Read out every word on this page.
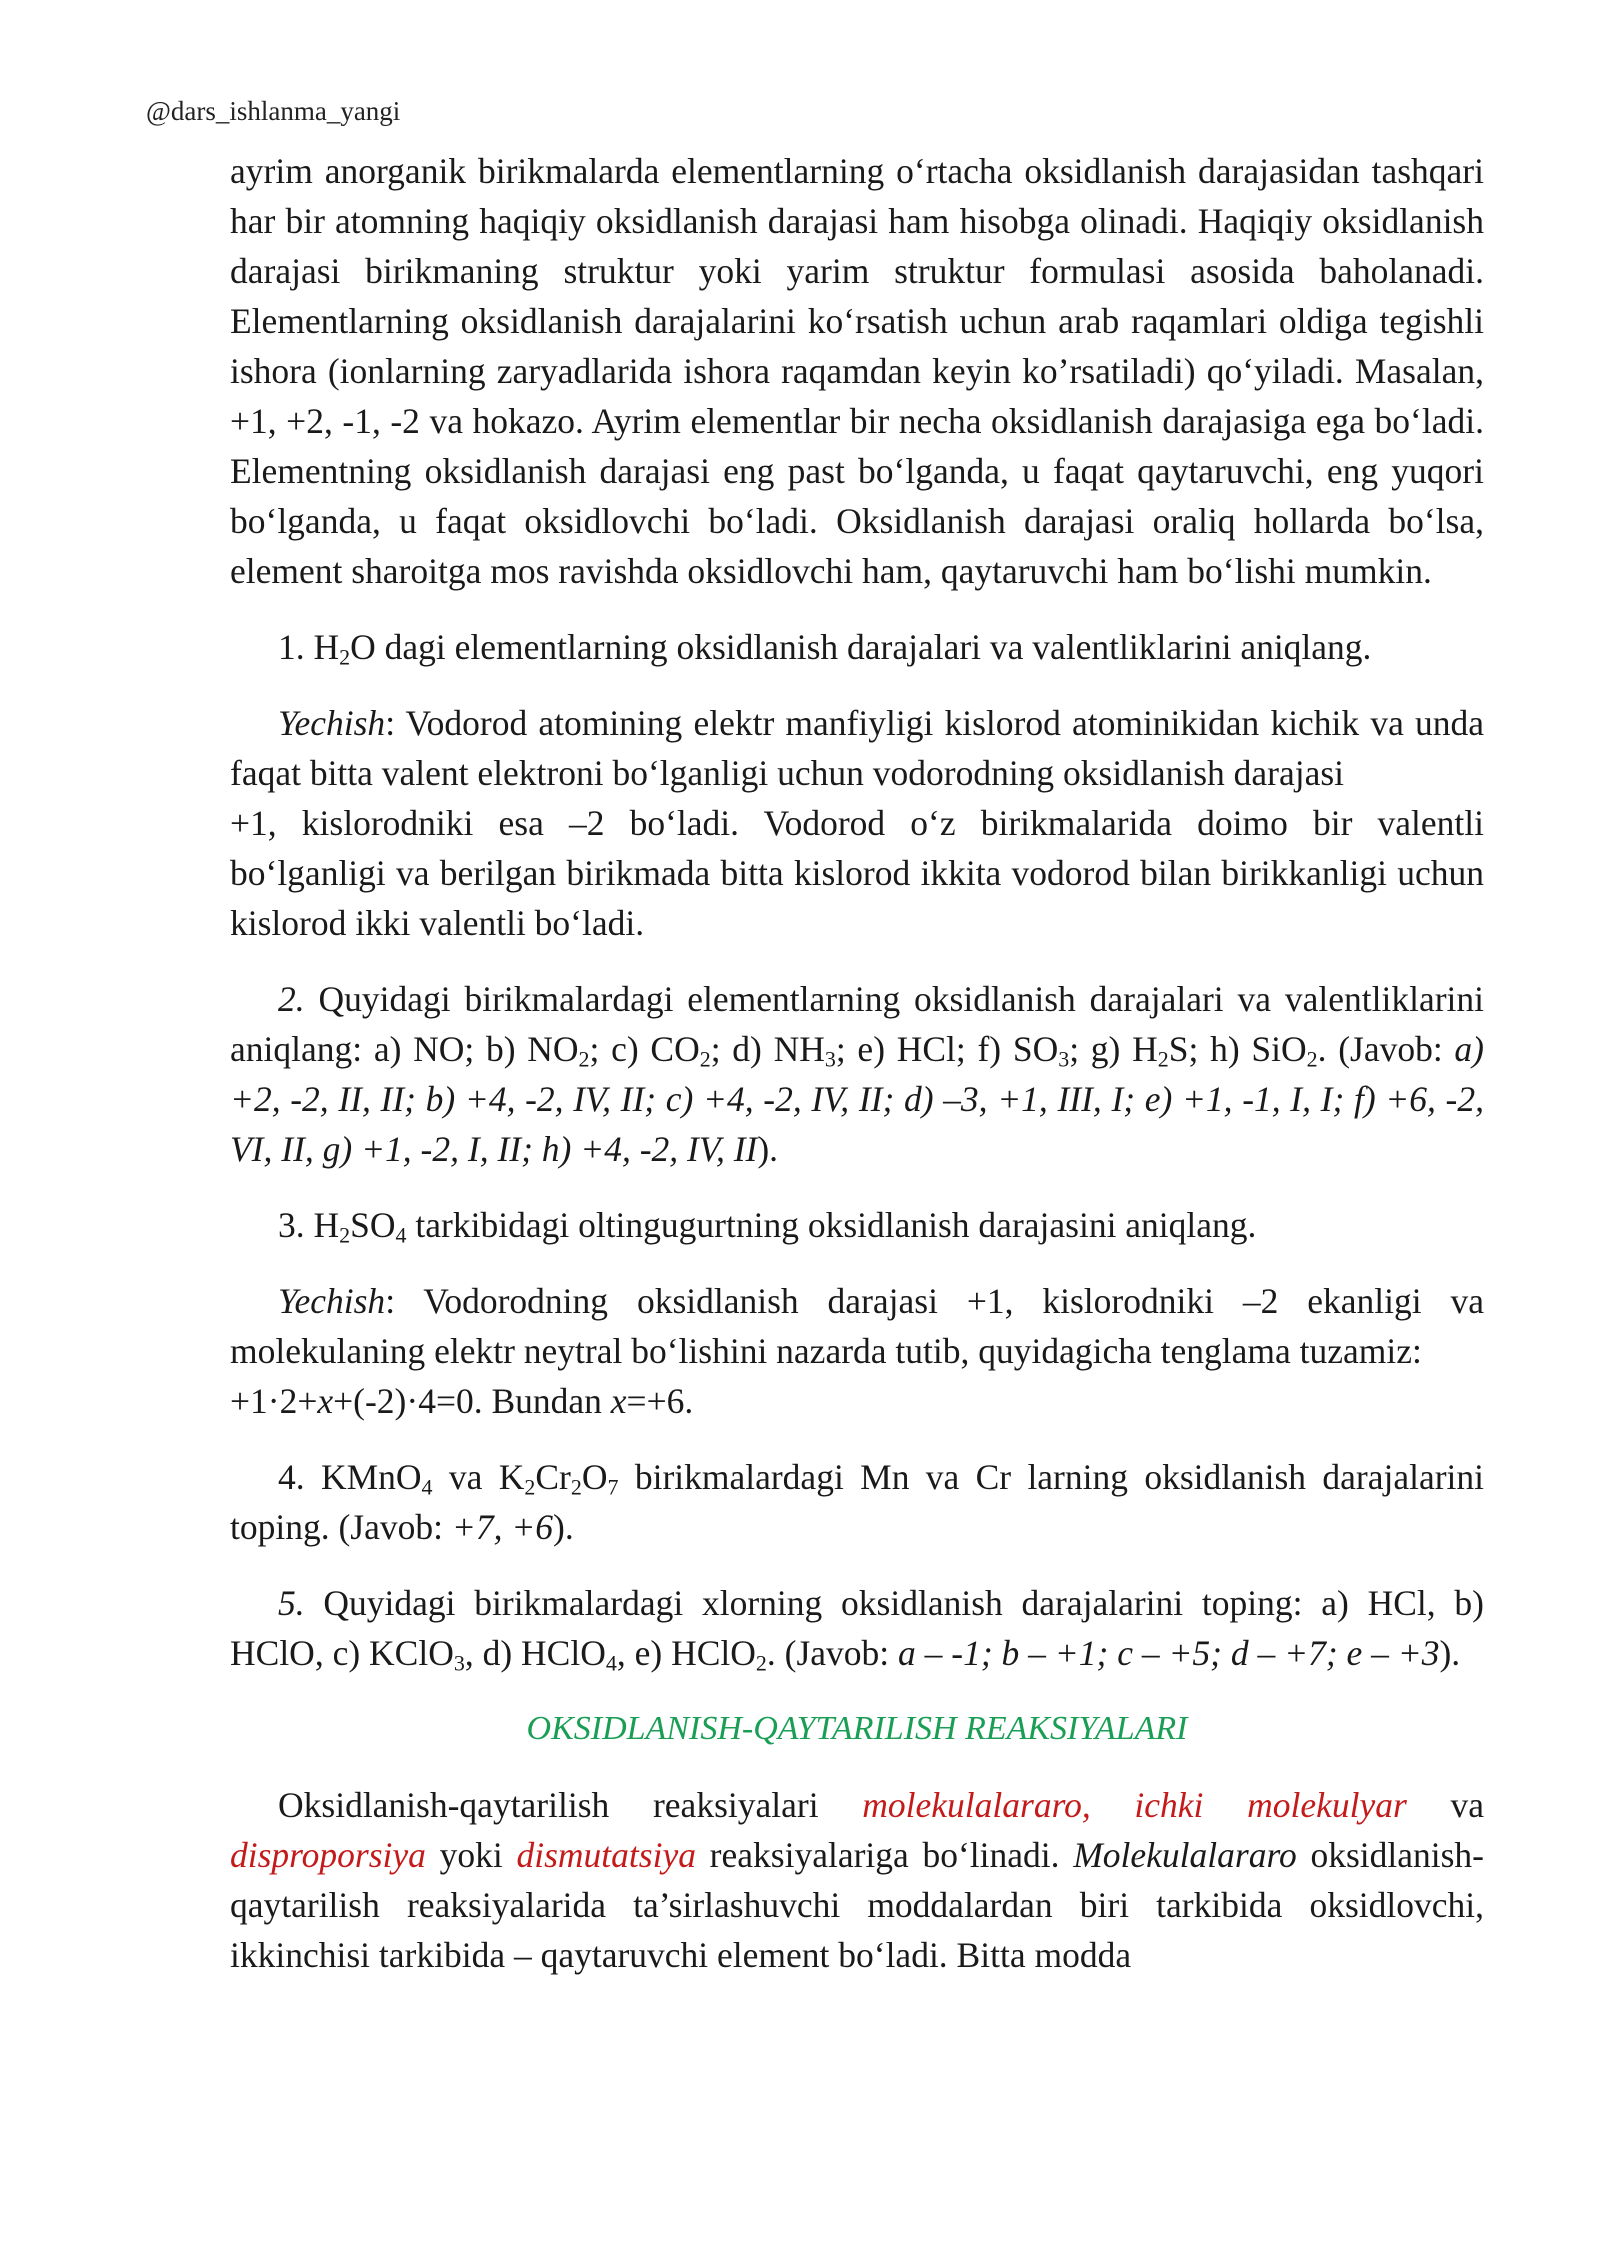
@dars_ishlanma_yangi

ayrim anorganik birikmalarda elementlarning o‘rtacha oksidlanish darajasidan tashqari har bir atomning haqiqiy oksidlanish darajasi ham hisobga olinadi. Haqiqiy oksidlanish darajasi birikmaning struktur yoki yarim struktur formulasi asosida baholanadi. Elementlarning oksidlanish darajalarini ko‘rsatish uchun arab raqamlari oldiga tegishli ishora (ionlarning zaryadlarida ishora raqamdan keyin ko’rsatiladi) qo‘yiladi. Masalan, +1, +2, -1, -2 va hokazo. Ayrim elementlar bir necha oksidlanish darajasiga ega bo‘ladi. Elementning oksidlanish darajasi eng past bo‘lganda, u faqat qaytaruvchi, eng yuqori bo‘lganda, u faqat oksidlovchi bo‘ladi. Oksidlanish darajasi oraliq hollarda bo‘lsa, element sharoitga mos ravishda oksidlovchi ham, qaytaruvchi ham bo‘lishi mumkin.

1. $H_2O$ dagi elementlarning oksidlanish darajalari va valentliklarini aniqlang.

Yechish: Vodorod atomining elektr manfiyligi kislorod atominikidan kichik va unda faqat bitta valent elektroni bo‘lganligi uchun vodorodning oksidlanish darajasi

+1, kislorodniki esa –2 bo‘ladi. Vodorod o‘z birikmalarida doimo bir valentli bo‘lganligi va berilgan birikmada bitta kislorod ikkita vodorod bilan birikkanligi uchun kislorod ikki valentli bo‘ladi.

2. Quyidagi birikmalardagi elementlarning oksidlanish darajalari va valentliklarini aniqlang: a) NO; b) $NO_2$; c) $CO_2$; d) $NH_3$; e) HCl; f) $SO_3$; g) $H_2S$; h) SiO$_2$. (Javob: a) +2, -2, II, II; b) +4, -2, IV, II; c) +4, -2, IV, II; d) –3, +1, III, I; e) +1, -1, I, I; f) +6, -2, VI, II, g) +1, -2, I, II; h) +4, -2, IV, II).

3. $H_2SO_4$ tarkibidagi oltingugurtning oksidlanish darajasini aniqlang.

Yechish: Vodorodning oksidlanish darajasi +1, kislorodniki –2 ekanligi va molekulaning elektr neytral bo‘lishini nazarda tutib, quyidagicha tenglama tuzamiz:

+1·2+x+(-2)·4=0. Bundan x=+6.

4. KMnO$_4$ va $K_2Cr_2O_7$ birikmalardagi Mn va Cr larning oksidlanish darajalarini toping. (Javob: +7, +6).

5. Quyidagi birikmalardagi xlorning oksidlanish darajalarini toping: a) HCl, b) HClO, c) KClO$_3$, d) HClO$_4$, e) HClO$_2$. (Javob: a – -1; b – +1; c – +5; d – +7; e – +3).

OKSIDLANISH-QAYTARILISH REAKSIYALARI

Oksidlanish-qaytarilish reaksiyalari molekulalararo, ichki molekulyar va disproporsiya yoki dismutatsiya reaksiyalariga bo‘linadi. Molekulalararo oksidlanish-qaytarilish reaksiyalarida ta’sirlashuvchi moddalardan biri tarkibida oksidlovchi, ikkinchisi tarkibida – qaytaruvchi element bo‘ladi. Bitta modda
